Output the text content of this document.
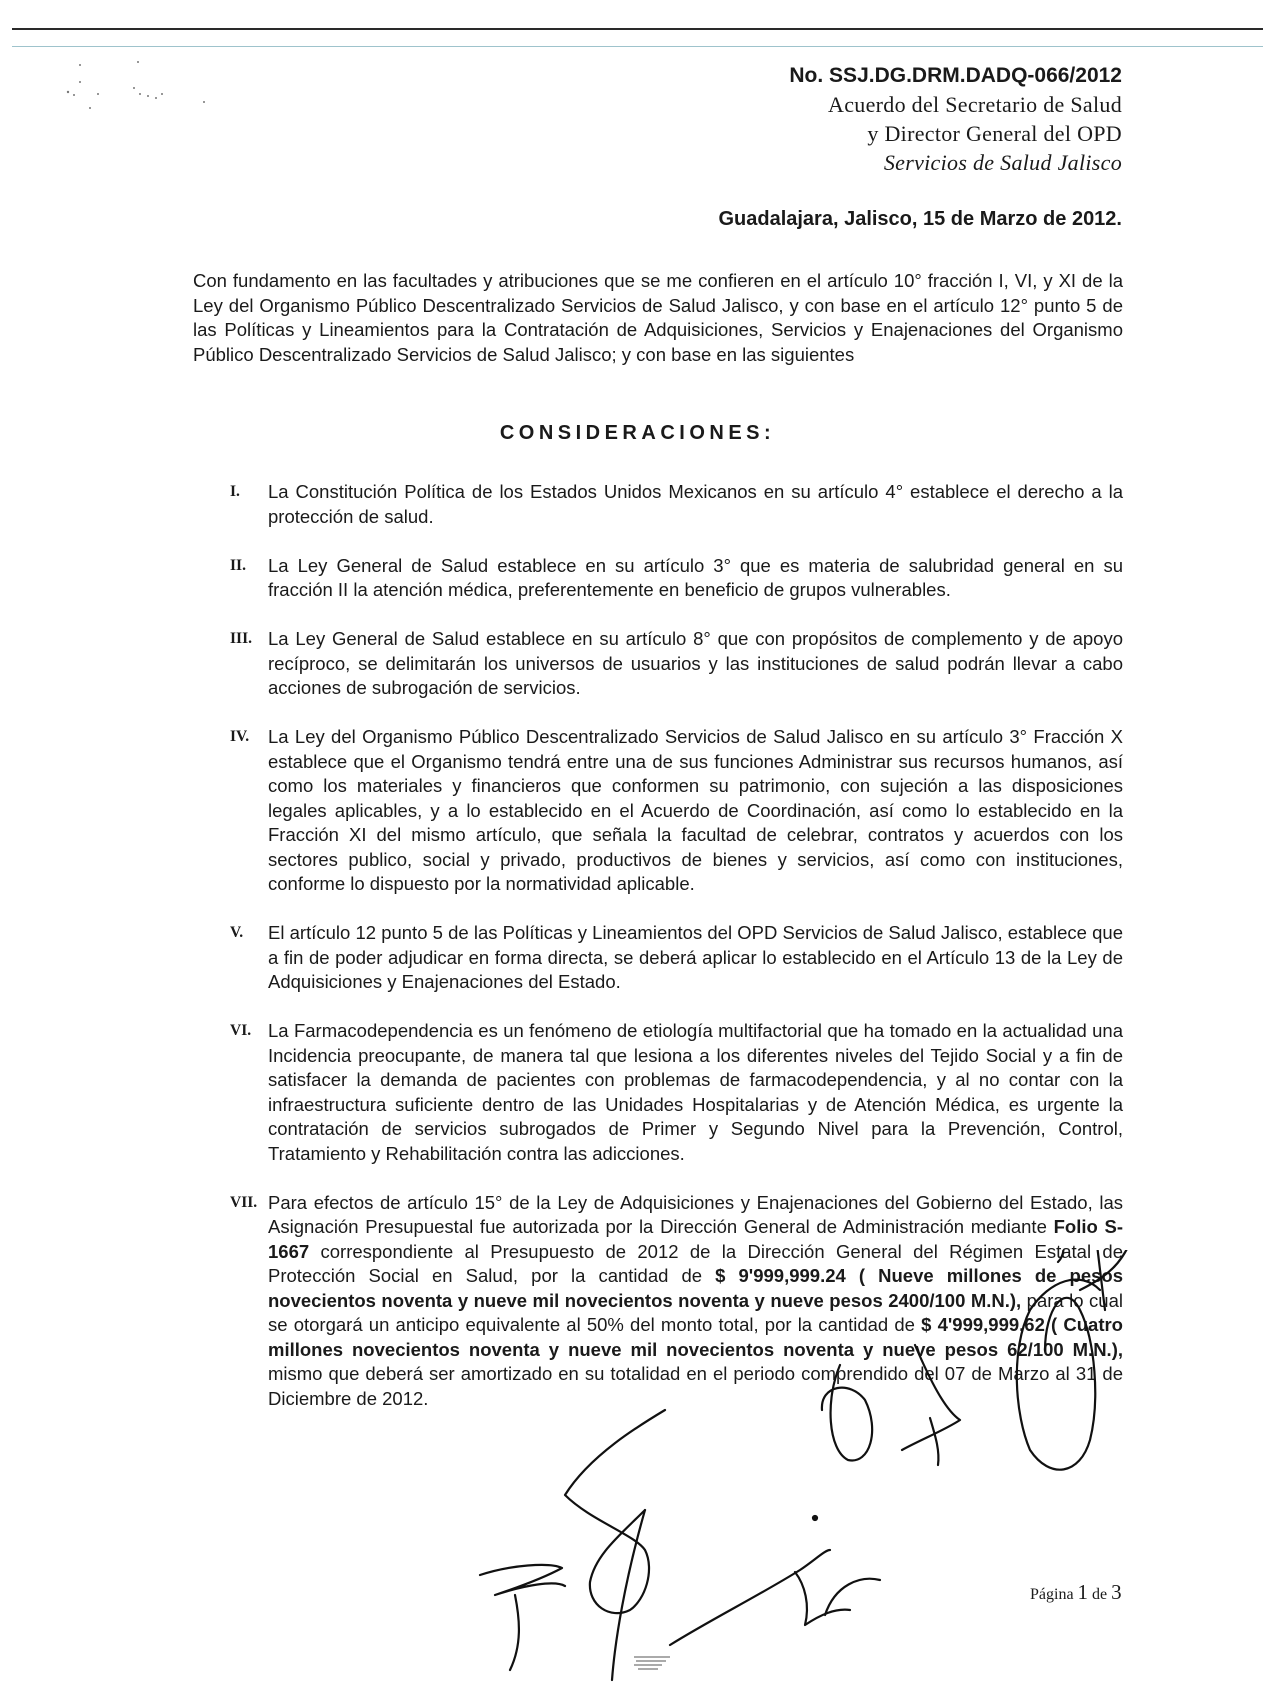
No. SSJ.DG.DRM.DADQ-066/2012
Acuerdo del Secretario de Salud
y Director General del OPD
Servicios de Salud Jalisco
Guadalajara, Jalisco, 15 de Marzo de 2012.
Con fundamento en las facultades y atribuciones que se me confieren en el artículo 10° fracción I, VI, y XI de la Ley del Organismo Público Descentralizado Servicios de Salud Jalisco, y con base en el artículo 12° punto 5 de las Políticas y Lineamientos para la Contratación de Adquisiciones, Servicios y Enajenaciones del Organismo Público Descentralizado Servicios de Salud Jalisco; y con base en las siguientes
CONSIDERACIONES:
I. La Constitución Política de los Estados Unidos Mexicanos en su artículo 4° establece el derecho a la protección de salud.
II. La Ley General de Salud establece en su artículo 3° que es materia de salubridad general en su fracción II la atención médica, preferentemente en beneficio de grupos vulnerables.
III. La Ley General de Salud establece en su artículo 8° que con propósitos de complemento y de apoyo recíproco, se delimitarán los universos de usuarios y las instituciones de salud podrán llevar a cabo acciones de subrogación de servicios.
IV. La Ley del Organismo Público Descentralizado Servicios de Salud Jalisco en su artículo 3° Fracción X establece que el Organismo tendrá entre una de sus funciones Administrar sus recursos humanos, así como los materiales y financieros que conformen su patrimonio, con sujeción a las disposiciones legales aplicables, y a lo establecido en el Acuerdo de Coordinación, así como lo establecido en la Fracción XI del mismo artículo, que señala la facultad de celebrar, contratos y acuerdos con los sectores publico, social y privado, productivos de bienes y servicios, así como con instituciones, conforme lo dispuesto por la normatividad aplicable.
V. El artículo 12 punto 5 de las Políticas y Lineamientos del OPD Servicios de Salud Jalisco, establece que a fin de poder adjudicar en forma directa, se deberá aplicar lo establecido en el Artículo 13 de la Ley de Adquisiciones y Enajenaciones del Estado.
VI. La Farmacodependencia es un fenómeno de etiología multifactorial que ha tomado en la actualidad una Incidencia preocupante, de manera tal que lesiona a los diferentes niveles del Tejido Social y a fin de satisfacer la demanda de pacientes con problemas de farmacodependencia, y al no contar con la infraestructura suficiente dentro de las Unidades Hospitalarias y de Atención Médica, es urgente la contratación de servicios subrogados de Primer y Segundo Nivel para la Prevención, Control, Tratamiento y Rehabilitación contra las adicciones.
VII. Para efectos de artículo 15° de la Ley de Adquisiciones y Enajenaciones del Gobierno del Estado, las Asignación Presupuestal fue autorizada por la Dirección General de Administración mediante Folio S-1667 correspondiente al Presupuesto de 2012 de la Dirección General del Régimen Estatal de Protección Social en Salud, por la cantidad de $ 9'999,999.24 ( Nueve millones de pesos novecientos noventa y nueve mil novecientos noventa y nueve pesos 2400/100 M.N.), para lo cual se otorgará un anticipo equivalente al 50% del monto total, por la cantidad de $ 4'999,999.62 ( Cuatro millones novecientos noventa y nueve mil novecientos noventa y nueve pesos 62/100 M.N.), mismo que deberá ser amortizado en su totalidad en el periodo comprendido del 07 de Marzo al 31 de Diciembre de 2012.
Página 1 de 3
